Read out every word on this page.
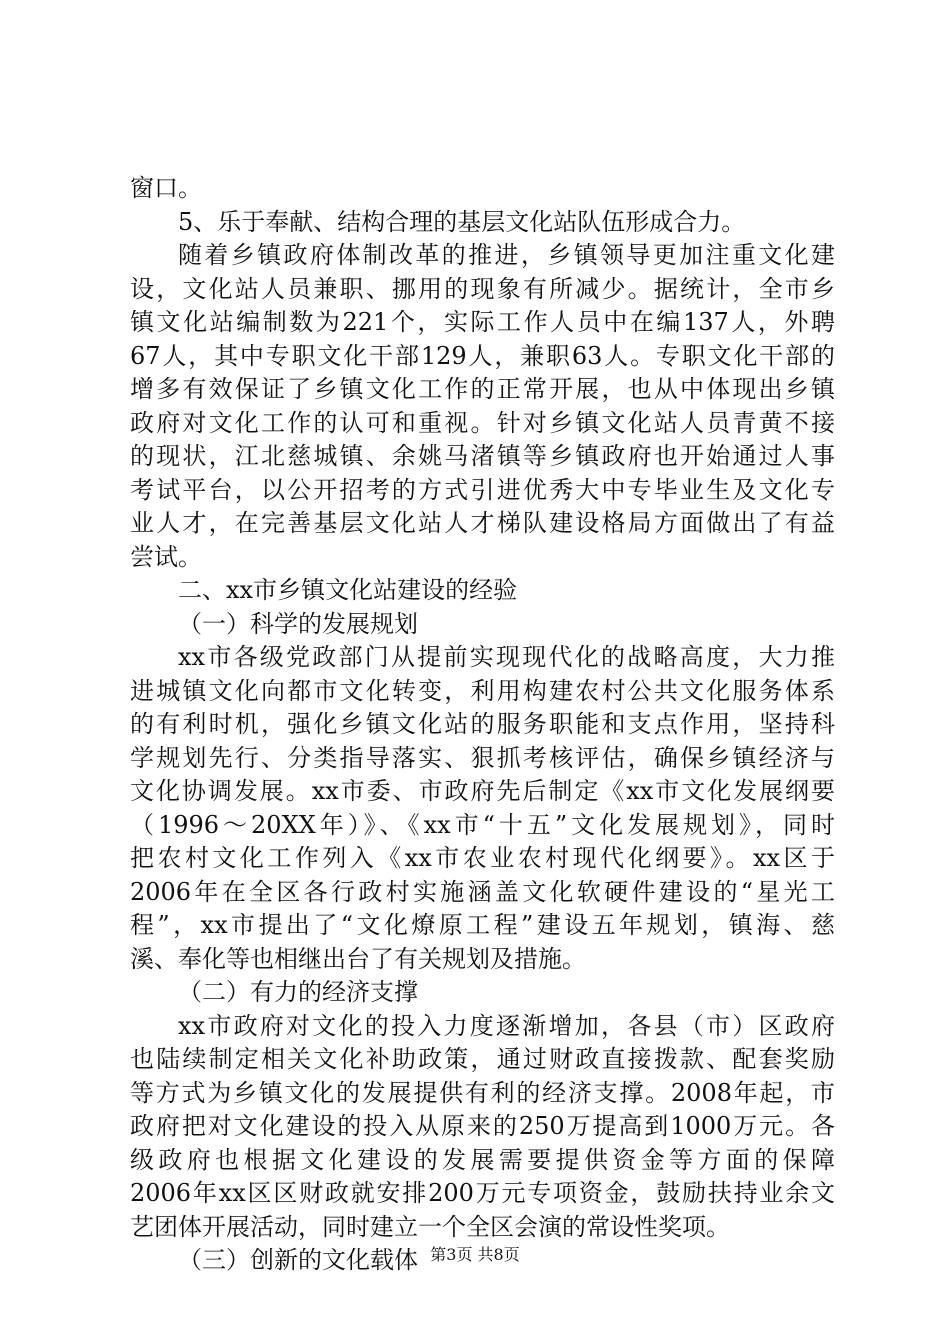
窗口。
5、乐于奉献、结构合理的基层文化站队伍形成合力。
随着乡镇政府体制改革的推进，乡镇领导更加注重文化建
设，文化站人员兼职、挪用的现象有所减少。据统计，全市乡
镇文化站编制数为221个，实际工作人员中在编137人，外聘
67人，其中专职文化干部129人，兼职63人。专职文化干部的
增多有效保证了乡镇文化工作的正常开展，也从中体现出乡镇
政府对文化工作的认可和重视。针对乡镇文化站人员青黄不接
的现状，江北慈城镇、余姚马渚镇等乡镇政府也开始通过人事
考试平台，以公开招考的方式引进优秀大中专毕业生及文化专
业人才，在完善基层文化站人才梯队建设格局方面做出了有益
尝试。
二、xx市乡镇文化站建设的经验
（一）科学的发展规划
xx市各级党政部门从提前实现现代化的战略高度，大力推
进城镇文化向都市文化转变，利用构建农村公共文化服务体系
的有利时机，强化乡镇文化站的服务职能和支点作用，坚持科
学规划先行、分类指导落实、狠抓考核评估，确保乡镇经济与
文化协调发展。xx市委、市政府先后制定《xx市文化发展纲要
（1996～20XX年）》、《xx市“十五”文化发展规划》，同时
把农村文化工作列入《xx市农业农村现代化纲要》。xx区于
2006年在全区各行政村实施涵盖文化软硬件建设的“星光工
程”，xx市提出了“文化燎原工程”建设五年规划，镇海、慈
溪、奉化等也相继出台了有关规划及措施。
（二）有力的经济支撑
xx市政府对文化的投入力度逐渐增加，各县（市）区政府
也陆续制定相关文化补助政策，通过财政直接拨款、配套奖励
等方式为乡镇文化的发展提供有利的经济支撑。2008年起，市
政府把对文化建设的投入从原来的250万提高到1000万元。各
级政府也根据文化建设的发展需要提供资金等方面的保障
2006年xx区区财政就安排200万元专项资金，鼓励扶持业余文
艺团体开展活动，同时建立一个全区会演的常设性奖项。
（三）创新的文化载体 第3页 共8页
